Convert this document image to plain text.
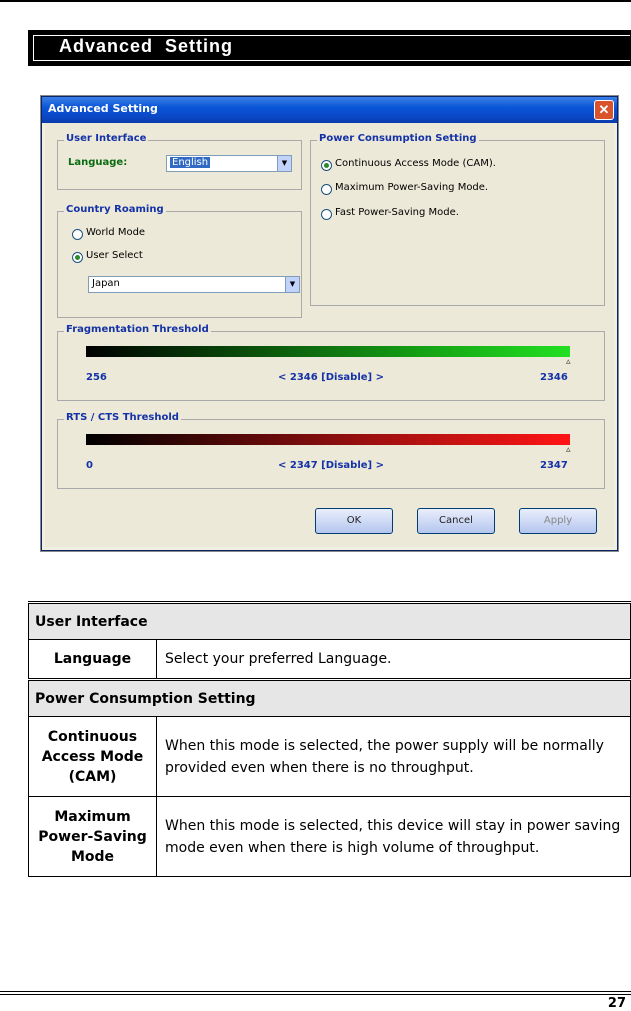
Advanced  Setting
Advanced Setting	✕
User Interface
Language:	English	▼
Country Roaming
World Mode
User Select
Japan	▼
Power Consumption Setting
Continuous Access Mode (CAM).
Maximum Power-Saving Mode.
Fast Power-Saving Mode.
Fragmentation Threshold
▵
256	< 2346 [Disable] >	2346
RTS / CTS Threshold
▵
0	< 2347 [Disable] >	2347
OK	Cancel	Apply
User Interface	
Language	Select your preferred Language.
Power Consumption Setting	
Continuous Access Mode (CAM)	When this mode is selected, the power supply will be normally provided even when there is no throughput.
Maximum Power-Saving Mode	When this mode is selected, this device will stay in power saving mode even when there is high volume of throughput.
27
